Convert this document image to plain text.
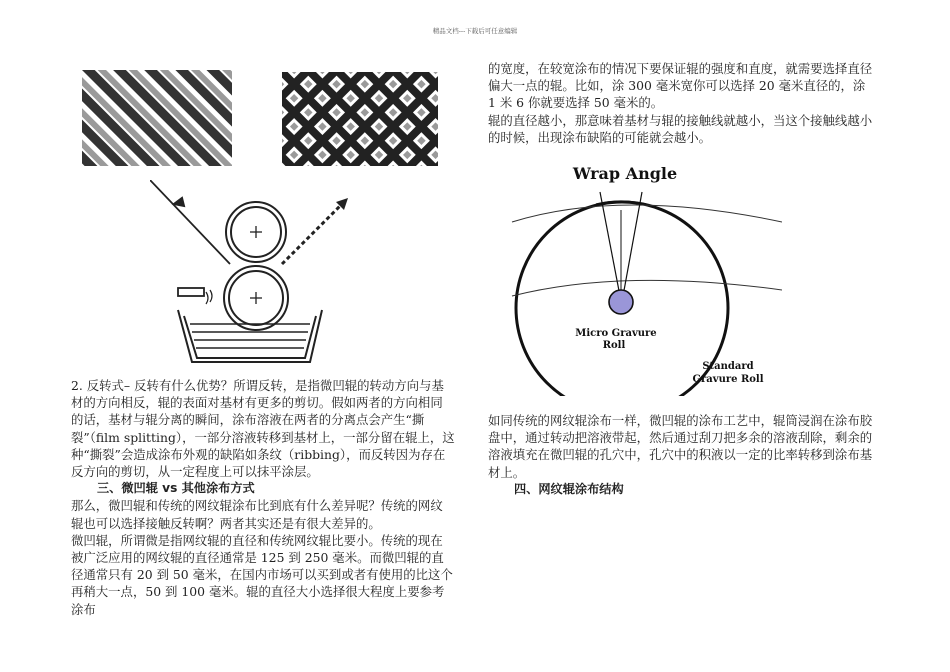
精品文档---下载后可任意编辑

2. 反转式– 反转有什么优势？所谓反转，是指微凹辊的转动方向与基材的方向相反，辊的表面对基材有更多的剪切。假如两者的方向相同的话，基材与辊分离的瞬间，涂布溶液在两者的分离点会产生“撕裂”（film splitting），一部分溶液转移到基材上，一部分留在辊上，这种“撕裂”会造成涂布外观的缺陷如条纹（ribbing），而反转因为存在反方向的剪切，从一定程度上可以抹平涂层。

三、微凹辊 vs 其他涂布方式

那么，微凹辊和传统的网纹辊涂布比到底有什么差异呢？传统的网纹辊也可以选择接触反转啊？两者其实还是有很大差异的。

微凹辊，所谓微是指网纹辊的直径和传统网纹辊比要小。传统的现在被广泛应用的网纹辊的直径通常是 125 到 250 毫米。而微凹辊的直径通常只有 20 到 50 毫米，在国内市场可以买到或者有使用的比这个再稍大一点，50 到 100 毫米。辊的直径大小选择很大程度上要参考涂布

的宽度，在较宽涂布的情况下要保证辊的强度和直度，就需要选择直径偏大一点的辊。比如，涂 300 毫米宽你可以选择 20 毫米直径的，涂 1 米 6 你就要选择 50 毫米的。

辊的直径越小，那意味着基材与辊的接触线就越小，当这个接触线越小的时候，出现涂布缺陷的可能就会越小。

Wrap Angle
Micro Gravure
Roll
Standard
Gravure Roll

如同传统的网纹辊涂布一样，微凹辊的涂布工艺中，辊筒浸润在涂布胶盘中，通过转动把溶液带起，然后通过刮刀把多余的溶液刮除，剩余的溶液填充在微凹辊的孔穴中，孔穴中的积液以一定的比率转移到涂布基材上。

四、网纹辊涂布结构
